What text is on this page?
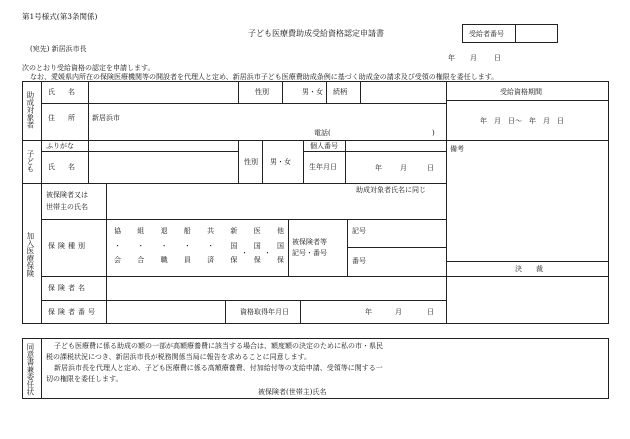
第1号様式(第3条関係)
子ども医療費助成受給資格認定申請書	受給者番号
年 月 日
(宛先) 新居浜市長
次のとおり受給資格の認定を申請します。
なお、愛媛県内所在の保険医療機関等の開設者を代理人と定め、新居浜市子ども医療費助成条例に基づく助成金の請求及び受領の権限を委任します。
助成対象者 氏　名	性別	男・女 続柄
住　所 新居浜市
電話(	)
子ども
ふりがな
氏　名
性別 男・女
個人番号
生年月日	年	月	日
加入医療保険
被保険者又は
世帯主の氏名
助成対象者氏名に同じ
保険種別
協 組 退 船 共 新 医 他
・ ・ ・ ・ ・ 国 国 国
会 合 職 員 済 保 保 保
・ ・
被保険者等
記号・番号
記号
番号
保険者名
保険者番号	資格取得年月日	年	月	日
受給資格期間
年　月　日〜　年　月　日
備考
決　　裁
同意書兼委任状	子ども医療費に係る助成の額の一部が高額療養費に該当する場合は、額度額の決定のために私の市・県民
税の課税状況につき、新居浜市長が税務関係当局に報告を求めることに同意します。
新居浜市長を代理人と定め、子ども医療費に係る高額療養費、付加給付等の支給申請、受領等に関する一
切の権限を委任します。
被保険者(世帯主)氏名
